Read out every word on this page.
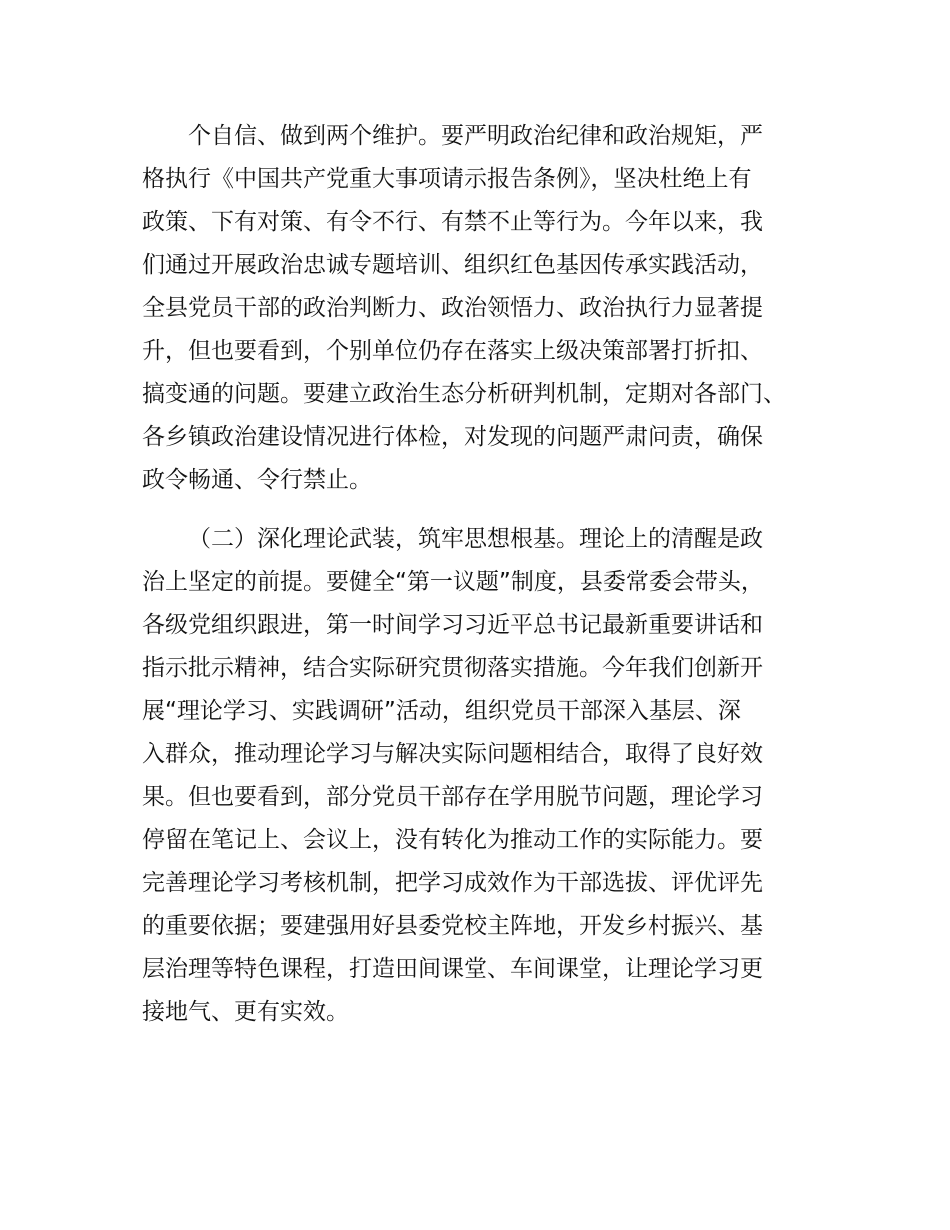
个自信、做到两个维护。要严明政治纪律和政治规矩，严
格执行《中国共产党重大事项请示报告条例》，坚决杜绝上有
政策、下有对策、有令不行、有禁不止等行为。今年以来，我
们通过开展政治忠诚专题培训、组织红色基因传承实践活动，
全县党员干部的政治判断力、政治领悟力、政治执行力显著提
升，但也要看到，个别单位仍存在落实上级决策部署打折扣、
搞变通的问题。要建立政治生态分析研判机制，定期对各部门、
各乡镇政治建设情况进行体检，对发现的问题严肃问责，确保
政令畅通、令行禁止。
（二）深化理论武装，筑牢思想根基。理论上的清醒是政
治上坚定的前提。要健全“第一议题”制度，县委常委会带头，
各级党组织跟进，第一时间学习习近平总书记最新重要讲话和
指示批示精神，结合实际研究贯彻落实措施。今年我们创新开
展“理论学习、实践调研”活动，组织党员干部深入基层、深
入群众，推动理论学习与解决实际问题相结合，取得了良好效
果。但也要看到，部分党员干部存在学用脱节问题，理论学习
停留在笔记上、会议上，没有转化为推动工作的实际能力。要
完善理论学习考核机制，把学习成效作为干部选拔、评优评先
的重要依据；要建强用好县委党校主阵地，开发乡村振兴、基
层治理等特色课程，打造田间课堂、车间课堂，让理论学习更
接地气、更有实效。
